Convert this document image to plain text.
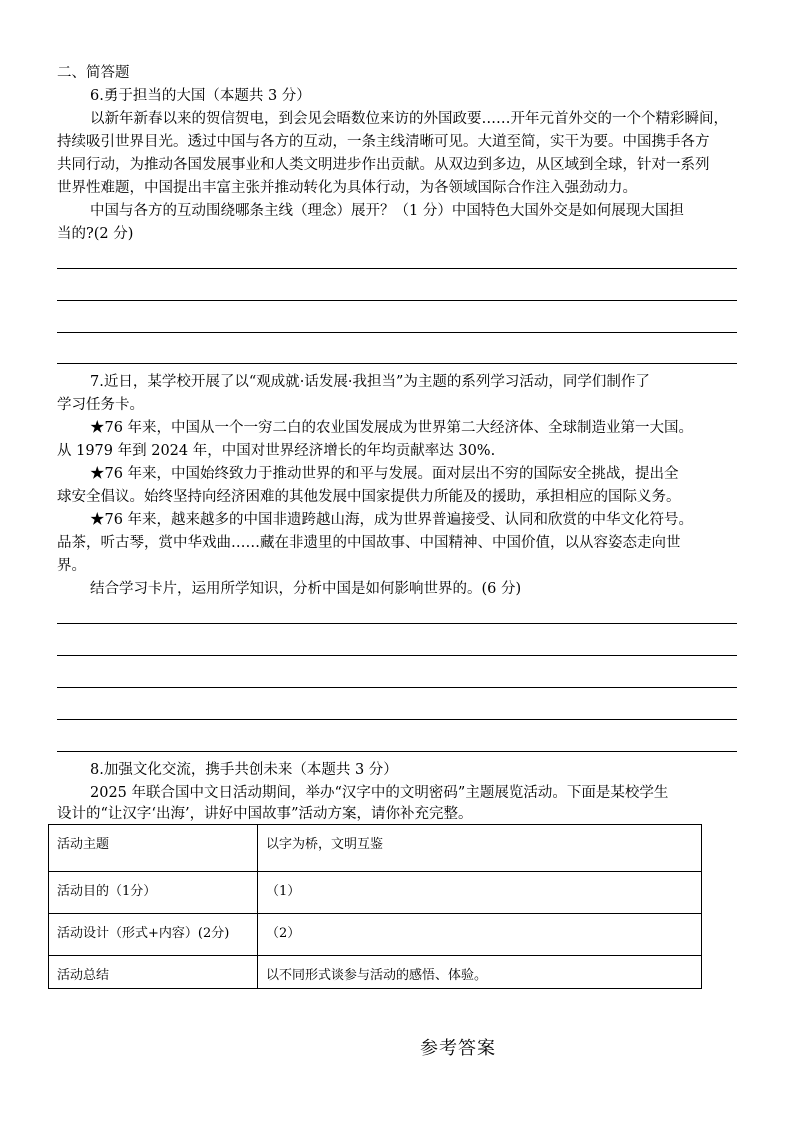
二、简答题
6.勇于担当的大国（本题共 3 分）
以新年新春以来的贺信贺电，到会见会晤数位来访的外国政要……开年元首外交的一个个精彩瞬间，
持续吸引世界目光。透过中国与各方的互动，一条主线清晰可见。大道至简，实干为要。中国携手各方
共同行动，为推动各国发展事业和人类文明进步作出贡献。从双边到多边，从区域到全球，针对一系列
世界性难题，中国提出丰富主张并推动转化为具体行动，为各领域国际合作注入强劲动力。
中国与各方的互动围绕哪条主线（理念）展开？（1 分）中国特色大国外交是如何展现大国担
当的?(2 分)
7.近日，某学校开展了以“观成就·话发展·我担当”为主题的系列学习活动，同学们制作了
学习任务卡。
★76 年来，中国从一个一穷二白的农业国发展成为世界第二大经济体、全球制造业第一大国。
从 1979 年到 2024 年，中国对世界经济增长的年均贡献率达 30%.
★76 年来，中国始终致力于推动世界的和平与发展。面对层出不穷的国际安全挑战，提出全
球安全倡议。始终坚持向经济困难的其他发展中国家提供力所能及的援助，承担相应的国际义务。
★76 年来，越来越多的中国非遗跨越山海，成为世界普遍接受、认同和欣赏的中华文化符号。
品茶，听古琴，赏中华戏曲……藏在非遗里的中国故事、中国精神、中国价值，以从容姿态走向世
界。
结合学习卡片，运用所学知识，分析中国是如何影响世界的。(6 分)
8.加强文化交流，携手共创未来（本题共 3 分）
2025 年联合国中文日活动期间，举办“汉字中的文明密码”主题展览活动。下面是某校学生
设计的“让汉字‘出海’，讲好中国故事”活动方案，请你补充完整。
活动主题	以字为桥，文明互鉴
活动目的（1分）	（1）
活动设计（形式+内容）(2分)	（2）
活动总结	以不同形式谈参与活动的感悟、体验。
参考答案
